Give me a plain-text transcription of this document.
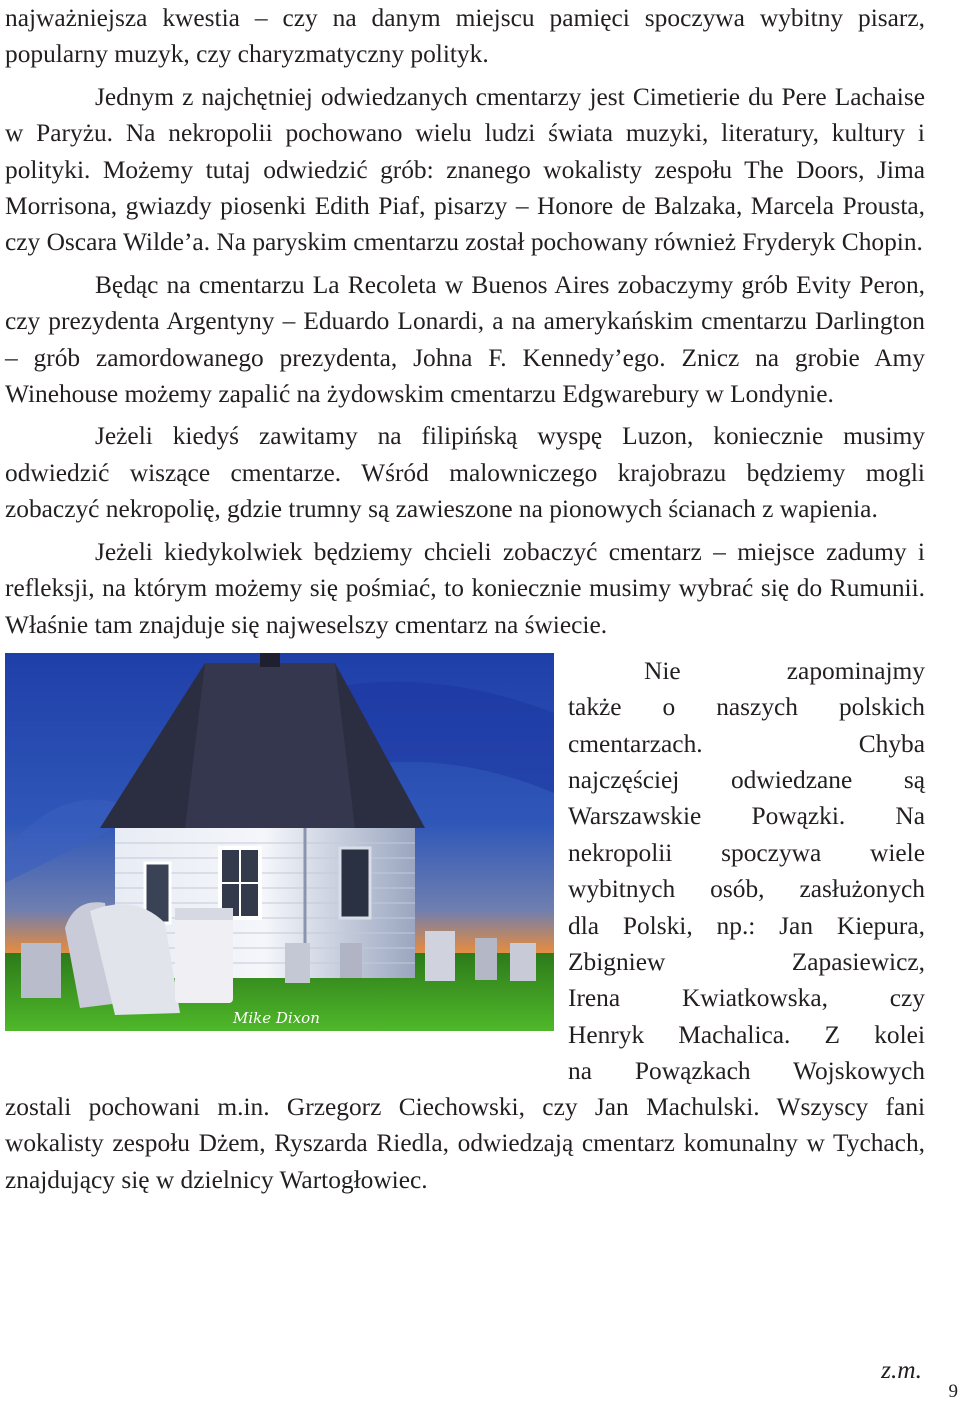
najważniejsza kwestia – czy na danym miejscu pamięci spoczywa wybitny pisarz, popularny muzyk, czy charyzmatyczny polityk.

Jednym z najchętniej odwiedzanych cmentarzy jest Cimetierie du Pere Lachaise w Paryżu. Na nekropolii pochowano wielu ludzi świata muzyki, literatury, kultury i polityki. Możemy tutaj odwiedzić grób: znanego wokalisty zespołu The Doors, Jima Morrisona, gwiazdy piosenki Edith Piaf, pisarzy – Honore de Balzaka, Marcela Prousta, czy Oscara Wilde’a. Na paryskim cmentarzu został pochowany również Fryderyk Chopin.

Będąc na cmentarzu La Recoleta w Buenos Aires zobaczymy grób Evity Peron, czy prezydenta Argentyny – Eduardo Lonardi, a na amerykańskim cmentarzu Darlington – grób zamordowanego prezydenta, Johna F. Kennedy’ego. Znicz na grobie Amy Winehouse możemy zapalić na żydowskim cmentarzu Edgwarebury w Londynie.

Jeżeli kiedyś zawitamy na filipińską wyspę Luzon, koniecznie musimy odwiedzić wiszące cmentarze. Wśród malowniczego krajobrazu będziemy mogli zobaczyć nekropolię, gdzie trumny są zawieszone na pionowych ścianach z wapienia.

Jeżeli kiedykolwiek będziemy chcieli zobaczyć cmentarz – miejsce zadumy i refleksji, na którym możemy się pośmiać, to koniecznie musimy wybrać się do Rumunii. Właśnie tam znajduje się najweselszy cmentarz na świecie.

Mike Dixon
Nie zapominajmy
także o naszych polskich
cmentarzach. Chyba
najczęściej odwiedzane są
Warszawskie Powązki. Na
nekropolii spoczywa wiele
wybitnych osób, zasłużonych
dla Polski, np.: Jan Kiepura,
Zbigniew Zapasiewicz,
Irena Kwiatkowska, czy
Henryk Machalica. Z kolei
na Powązkach Wojskowych

zostali pochowani m.in. Grzegorz Ciechowski, czy Jan Machulski. Wszyscy fani wokalisty zespołu Dżem, Ryszarda Riedla, odwiedzają cmentarz komunalny w Tychach, znajdujący się w dzielnicy Wartogłowiec.

z.m.
9
